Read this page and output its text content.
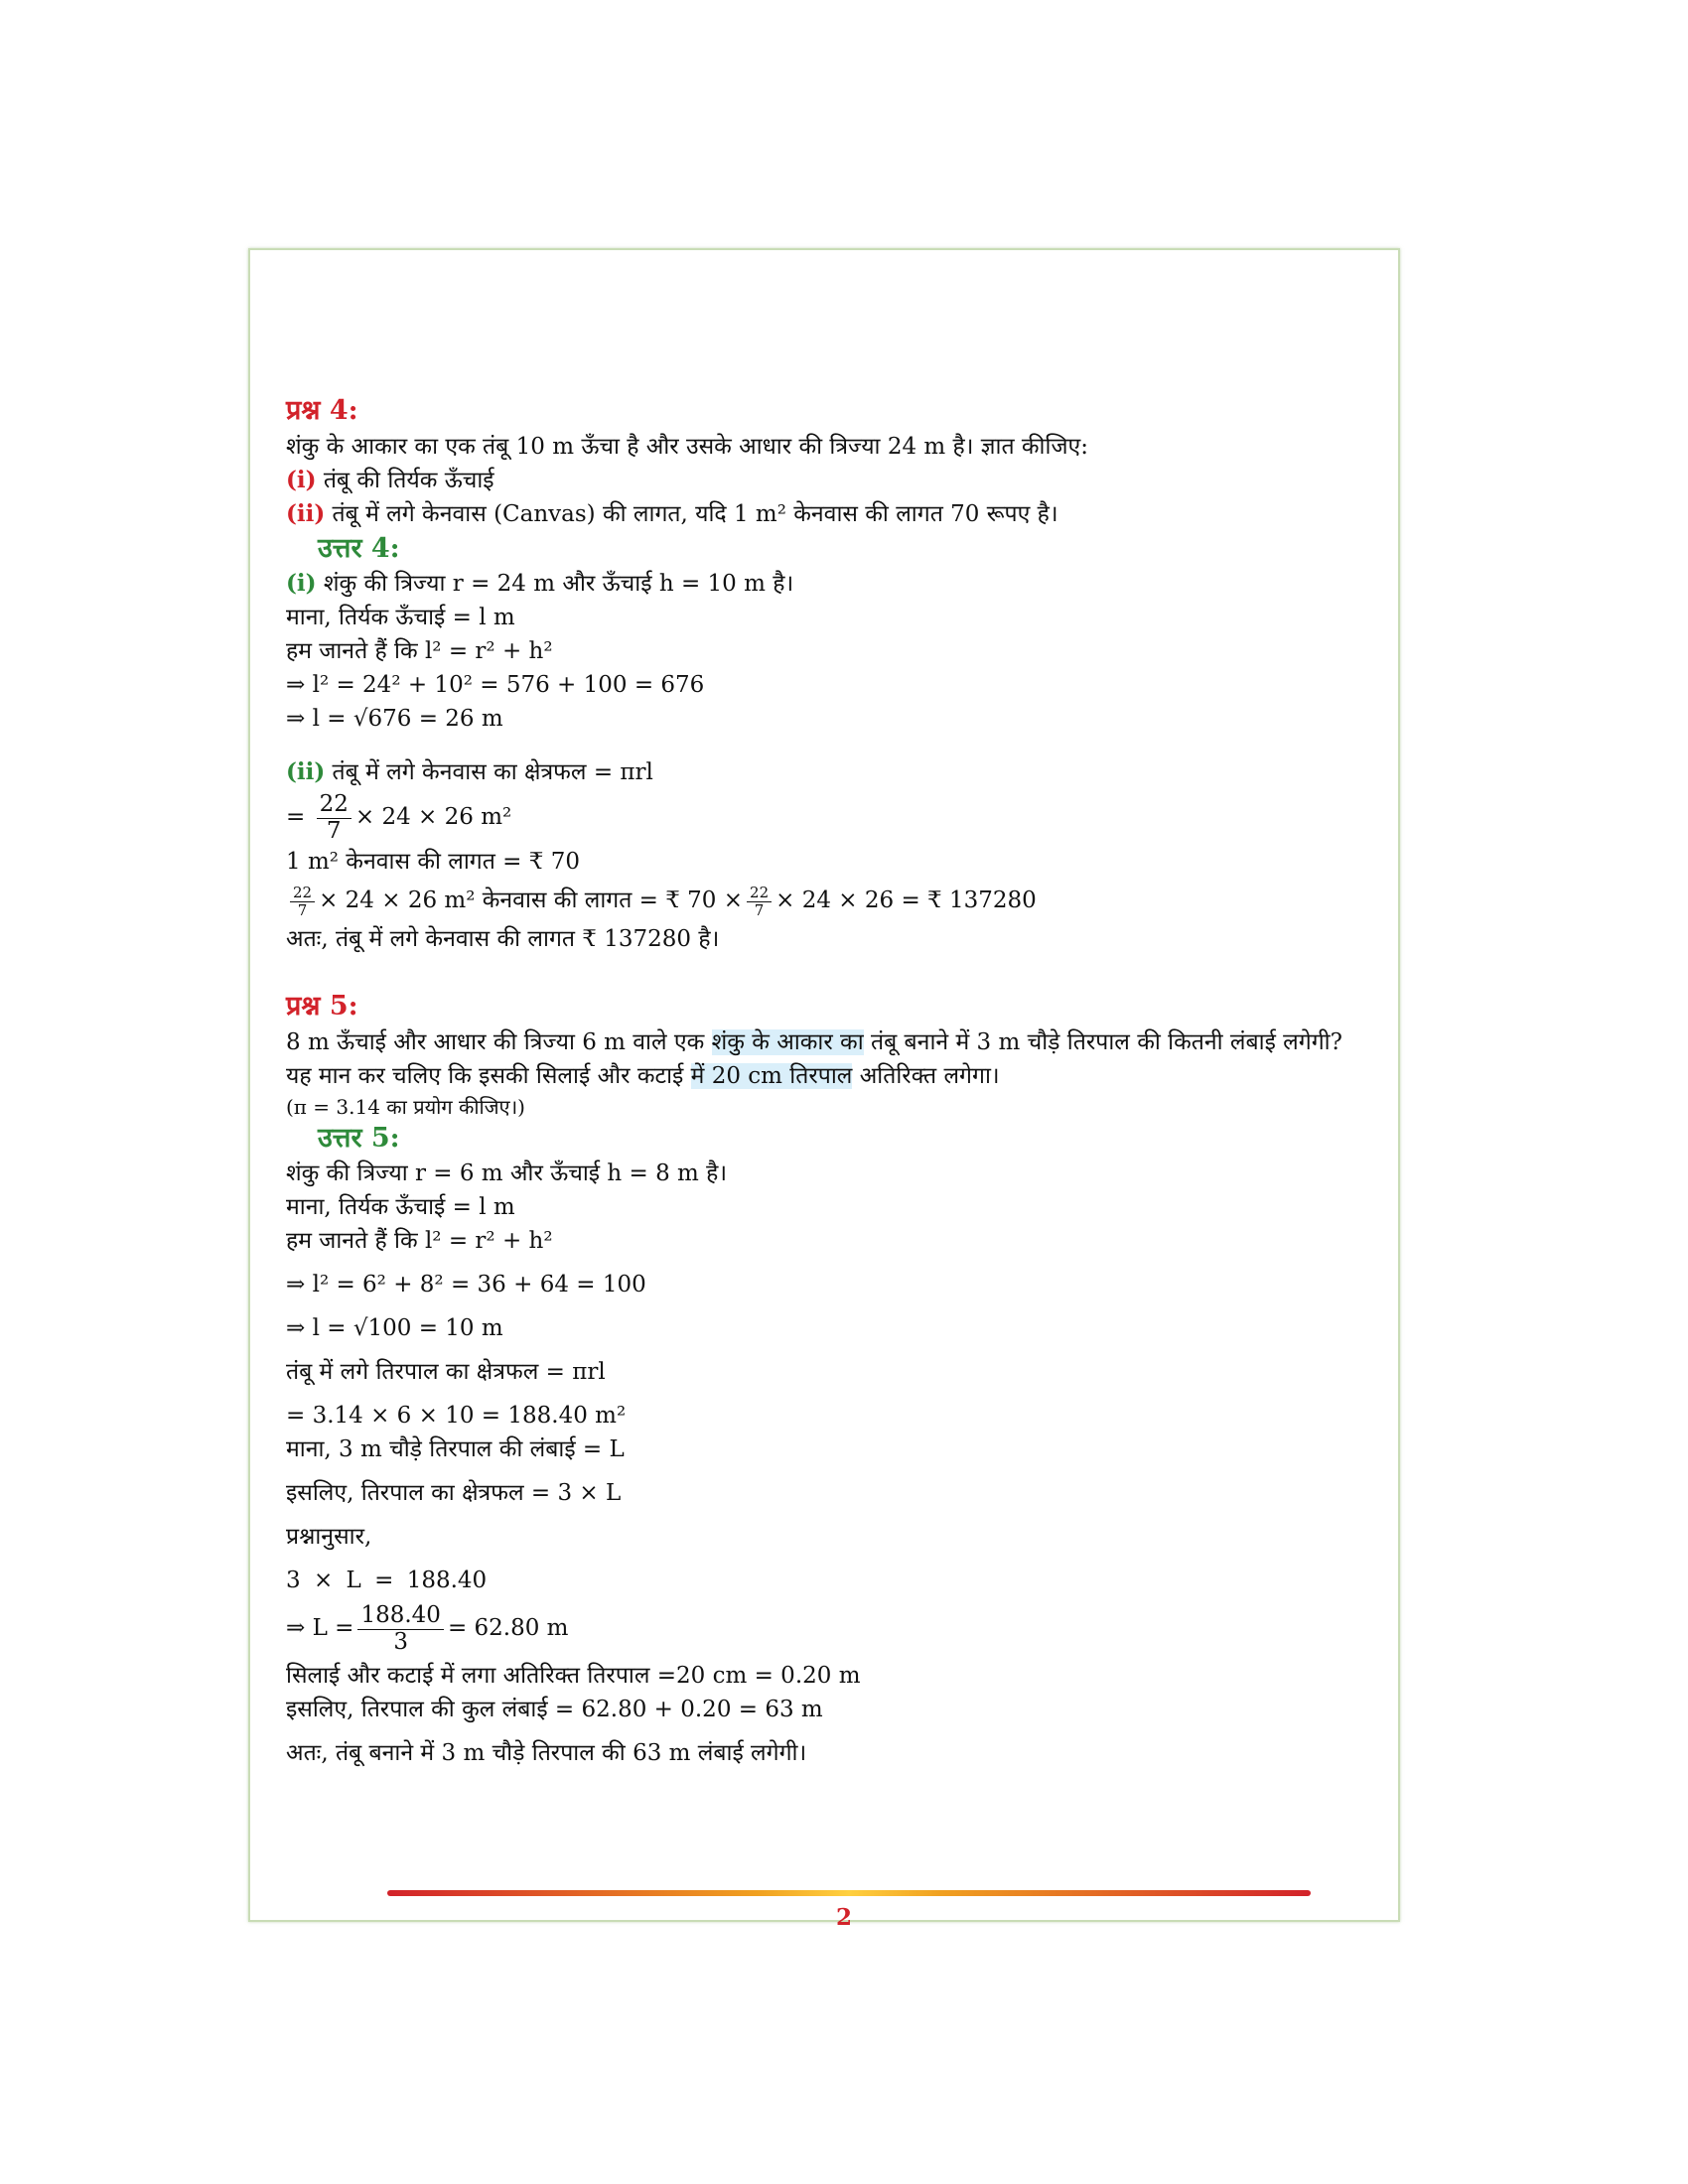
प्रश्न 4:
शंकु के आकार का एक तंबू 10 m ऊँचा है और उसके आधार की त्रिज्या 24 m है। ज्ञात कीजिए:
(i) तंबू की तिर्यक ऊँचाई
(ii) तंबू में लगे केनवास (Canvas) की लागत, यदि 1 m² केनवास की लागत 70 रूपए है।
उत्तर 4:
(i) शंकु की त्रिज्या r = 24 m और ऊँचाई h = 10 m है।
माना, तिर्यक ऊँचाई = l m
हम जानते हैं कि l² = r² + h²
⇒ l² = 24² + 10² = 576 + 100 = 676
⇒ l = √676 = 26 m
(ii) तंबू में लगे केनवास का क्षेत्रफल = πrl
= $\frac{22}{7} \times 24 \times 26$ m²
1 m² केनवास की लागत = ₹ 70
$\frac{22}{7} \times 24 \times 26$ m² केनवास की लागत = ₹ $70 \times \frac{22}{7} \times 24 \times 26$ = ₹ 137280
अतः, तंबू में लगे केनवास की लागत ₹ 137280 है।
प्रश्न 5:
8 m ऊँचाई और आधार की त्रिज्या 6 m वाले एक शंकु के आकार का तंबू बनाने में 3 m चौड़े तिरपाल की कितनी लंबाई लगेगी?
यह मान कर चलिए कि इसकी सिलाई और कटाई में 20 cm तिरपाल अतिरिक्त लगेगा।
(π = 3.14 का प्रयोग कीजिए।)
उत्तर 5:
शंकु की त्रिज्या r = 6 m और ऊँचाई h = 8 m है।
माना, तिर्यक ऊँचाई = l m
हम जानते हैं कि l² = r² + h²
⇒ l² = 6² + 8² = 36 + 64 = 100
⇒ l = √100 = 10 m
तंबू में लगे तिरपाल का क्षेत्रफल = πrl
= 3.14 × 6 × 10 = 188.40 m²
माना, 3 m चौड़े तिरपाल की लंबाई = L
इसलिए, तिरपाल का क्षेत्रफल = 3 × L
प्रश्नानुसार,
3 × L = 188.40
⇒ $L = \frac{188.40}{3} = 62.80$ m
सिलाई और कटाई में लगा अतिरिक्त तिरपाल =20 cm = 0.20 m
इसलिए, तिरपाल की कुल लंबाई = 62.80 + 0.20 = 63 m
अतः, तंबू बनाने में 3 m चौड़े तिरपाल की 63 m लंबाई लगेगी।
2
